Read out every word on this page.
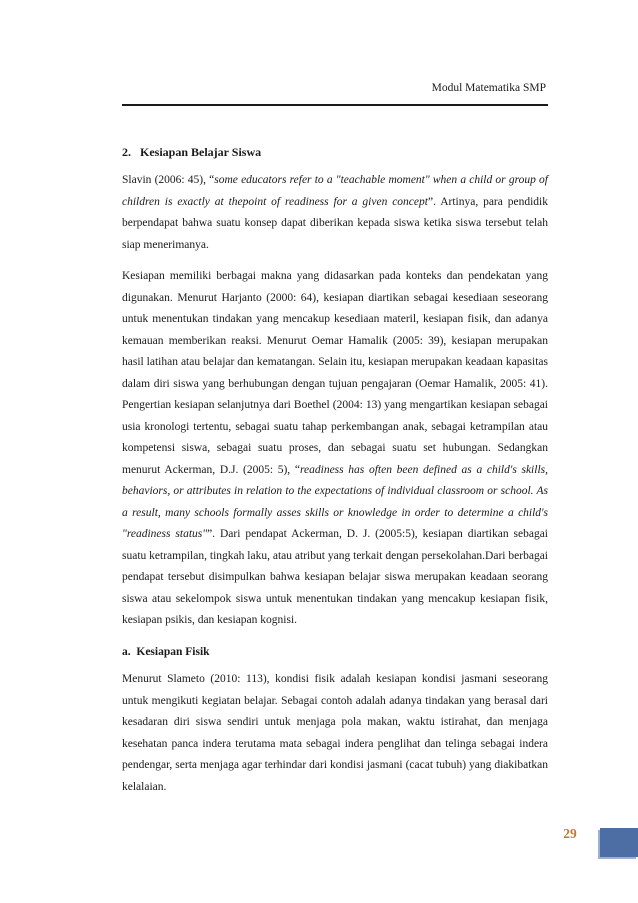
Modul Matematika SMP
2. Kesiapan Belajar Siswa

Slavin (2006: 45), “some educators refer to a "teachable moment" when a child or group of children is exactly at thepoint of readiness for a given concept”. Artinya, para pendidik berpendapat bahwa suatu konsep dapat diberikan kepada siswa ketika siswa tersebut telah siap menerimanya.

Kesiapan memiliki berbagai makna yang didasarkan pada konteks dan pendekatan yang digunakan. Menurut Harjanto (2000: 64), kesiapan diartikan sebagai kesediaan seseorang untuk menentukan tindakan yang mencakup kesediaan materil, kesiapan fisik, dan adanya kemauan memberikan reaksi. Menurut Oemar Hamalik (2005: 39), kesiapan merupakan hasil latihan atau belajar dan kematangan. Selain itu, kesiapan merupakan keadaan kapasitas dalam diri siswa yang berhubungan dengan tujuan pengajaran (Oemar Hamalik, 2005: 41). Pengertian kesiapan selanjutnya dari Boethel (2004: 13) yang mengartikan kesiapan sebagai usia kronologi tertentu, sebagai suatu tahap perkembangan anak, sebagai ketrampilan atau kompetensi siswa, sebagai suatu proses, dan sebagai suatu set hubungan. Sedangkan menurut Ackerman, D.J. (2005: 5), “readiness has often been defined as a child's skills, behaviors, or attributes in relation to the expectations of individual classroom or school. As a result, many schools formally asses skills or knowledge in order to determine a child's "readiness status"”. Dari pendapat Ackerman, D. J. (2005:5), kesiapan diartikan sebagai suatu ketrampilan, tingkah laku, atau atribut yang terkait dengan persekolahan.Dari berbagai pendapat tersebut disimpulkan bahwa kesiapan belajar siswa merupakan keadaan seorang siswa atau sekelompok siswa untuk menentukan tindakan yang mencakup kesiapan fisik, kesiapan psikis, dan kesiapan kognisi.

a. Kesiapan Fisik

Menurut Slameto (2010: 113), kondisi fisik adalah kesiapan kondisi jasmani seseorang untuk mengikuti kegiatan belajar. Sebagai contoh adalah adanya tindakan yang berasal dari kesadaran diri siswa sendiri untuk menjaga pola makan, waktu istirahat, dan menjaga kesehatan panca indera terutama mata sebagai indera penglihat dan telinga sebagai indera pendengar, serta menjaga agar terhindar dari kondisi jasmani (cacat tubuh) yang diakibatkan kelalaian.

29
